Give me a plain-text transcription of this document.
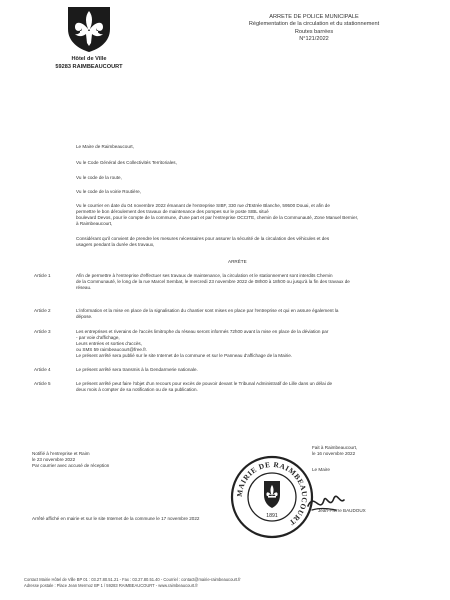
Hôtel de Ville
59283 RAIMBEAUCOURT
ARRETE DE POLICE MUNICIPALE
Réglementation de la circulation et du stationnement
Routes barrées
N°121/2022
Le Maire de Raimbeaucourt,
Vu le Code Général des Collectivités Territoriales,
Vu le code de la route,
Vu le code de la voirie Routière,
Vu le courrier en date du 04 novembre 2022 émanant de l'entreprise SIBF, 330 rue d'Estrée Blanche, 59500 Douai, et afin de
permettre le bon déroulement des travaux de maintenance des pompes sur le poste SIBL situé
boulevard Devos, pour le compte de la commune, d'une part et par l'entreprise OCCITE, chemin de la Communauté, Zone Manuel Bernier,
à Raimbeaucourt,
Considérant qu'il convient de prendre les mesures nécessaires pour assurer la sécurité de la circulation des véhicules et des
usagers pendant la durée des travaux,
ARRÊTE
Article 1	Afin de permettre à l'entreprise d'effectuer ses travaux de maintenance, la circulation et le stationnement sont interdits Chemin
de la Communauté, le long de la rue Marcel Sembat, le mercredi 23 novembre 2022 de 08h00 à 18h00 ou jusqu'à la fin des travaux de
réseau.
Article 2	L'information et la mise en place de la signalisation du chantier sont mises en place par l'entreprise et qui en assure également la
dépose.
Article 3	Les entreprises et riverains de l'accès limitrophe du réseau seront informés 72h00 avant la mise en place de la déviation par
- par voie d'affichage,
Leurs entrées et sorties d'accès,
ou SMS 59 raimbeaucourt@free.fr.
Le présent arrêté sera publié sur le site Internet de la commune et sur le Panneau d'affichage de la Mairie.
Article 4	Le présent arrêté sera transmis à la Gendarmerie nationale.
Article 5	Le présent arrêté peut faire l'objet d'un recours pour excès de pouvoir devant le Tribunal Administratif de Lille dans un délai de
deux mois à compter de sa notification ou de sa publication.
Notifié à l'entreprise et Raim
le 23 novembre 2022
Par courrier avec accusé de réception
Fait à Raimbeaucourt,
le 16 novembre 2022
Le Maire
MAIRIE DE RAIMBEAUCOURT
1891
Jean-Pierre BAUDOUX
Arrêté affiché en mairie et sur le site Internet de la commune le 17 novembre 2022
Contact Mairie Hôtel de Ville BP 01 : 03.27.80.51.21 - Fax : 03.27.80.51.40 - Courriel : contact@mairie-raimbeaucourt.fr
Adresse postale : Place Jean Mermoz BP 1 / 59283 RAIMBEAUCOURT - www.raimbeaucourt.fr
